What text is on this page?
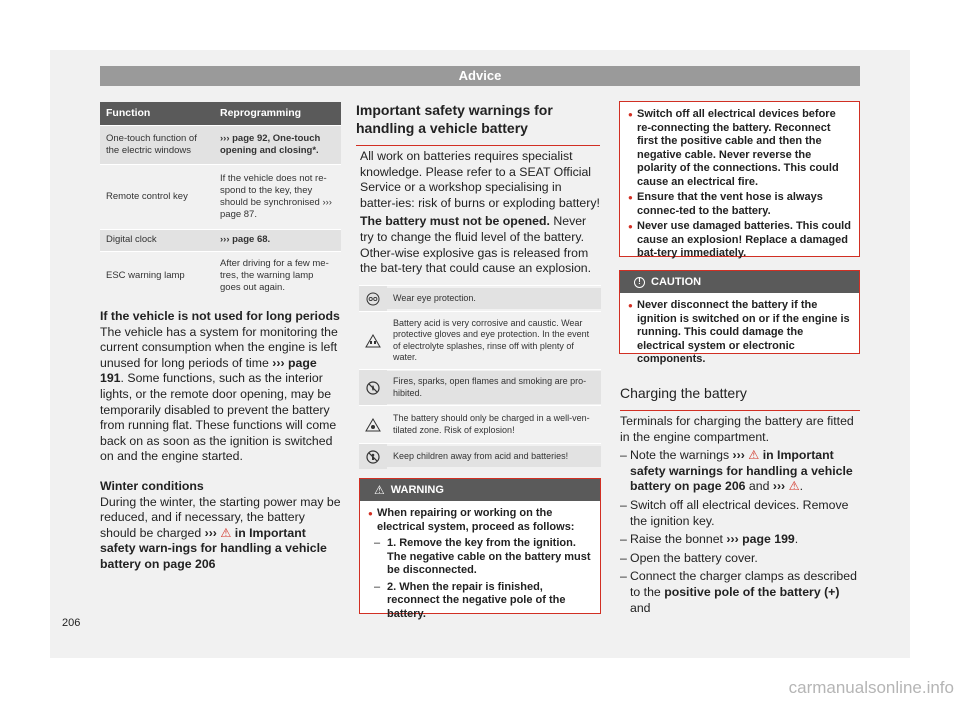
Advice
Function	Reprogramming
One-touch function of the electric windows	››› page 92, One-touch opening and closing*.
Remote control key	If the vehicle does not re-spond to the key, they should be synchronised ››› page 87.
Digital clock	››› page 68.
ESC warning lamp	After driving for a few me-tres, the warning lamp goes out again.
If the vehicle is not used for long periods

The vehicle has a system for monitoring the current consumption when the engine is left unused for long periods of time ››› page 191. Some functions, such as the interior lights, or the remote door opening, may be temporarily disabled to prevent the battery from running flat. These functions will come back on as soon as the ignition is switched on and the engine started.

Winter conditions

During the winter, the starting power may be reduced, and if necessary, the battery should be charged ››› ⚠ in Important safety warn-ings for handling a vehicle battery on page 206

Important safety warnings for handling a vehicle battery

All work on batteries requires specialist knowledge. Please refer to a SEAT Official Service or a workshop specialising in batter-ies: risk of burns or exploding battery!

The battery must not be opened. Never try to change the fluid level of the battery. Other-wise explosive gas is released from the bat-tery that could cause an explosion.

Wear eye protection.
Battery acid is very corrosive and caustic. Wear protective gloves and eye protection. In the event of electrolyte splashes, rinse off with plenty of water.
Fires, sparks, open flames and smoking are pro-hibited.
The battery should only be charged in a well-ven-tilated zone. Risk of explosion!
Keep children away from acid and batteries!
⚠ WARNING
● When repairing or working on the electrical system, proceed as follows:
– 1. Remove the key from the ignition. The negative cable on the battery must be disconnected.
– 2. When the repair is finished, reconnect the negative pole of the battery.
● Switch off all electrical devices before re-connecting the battery. Reconnect first the positive cable and then the negative cable. Never reverse the polarity of the connections. This could cause an electrical fire.
● Ensure that the vent hose is always connec-ted to the battery.
● Never use damaged batteries. This could cause an explosion! Replace a damaged bat-tery immediately.
! CAUTION
● Never disconnect the battery if the ignition is switched on or if the engine is running. This could damage the electrical system or electronic components.
Charging the battery

Terminals for charging the battery are fitted in the engine compartment.

– Note the warnings ››› ⚠ in Important safety warnings for handling a vehicle battery on page 206 and ››› ⚠.
– Switch off all electrical devices. Remove the ignition key.
– Raise the bonnet ››› page 199.
– Open the battery cover.
– Connect the charger clamps as described to the positive pole of the battery (+) and
206
carmanualsonline.info
